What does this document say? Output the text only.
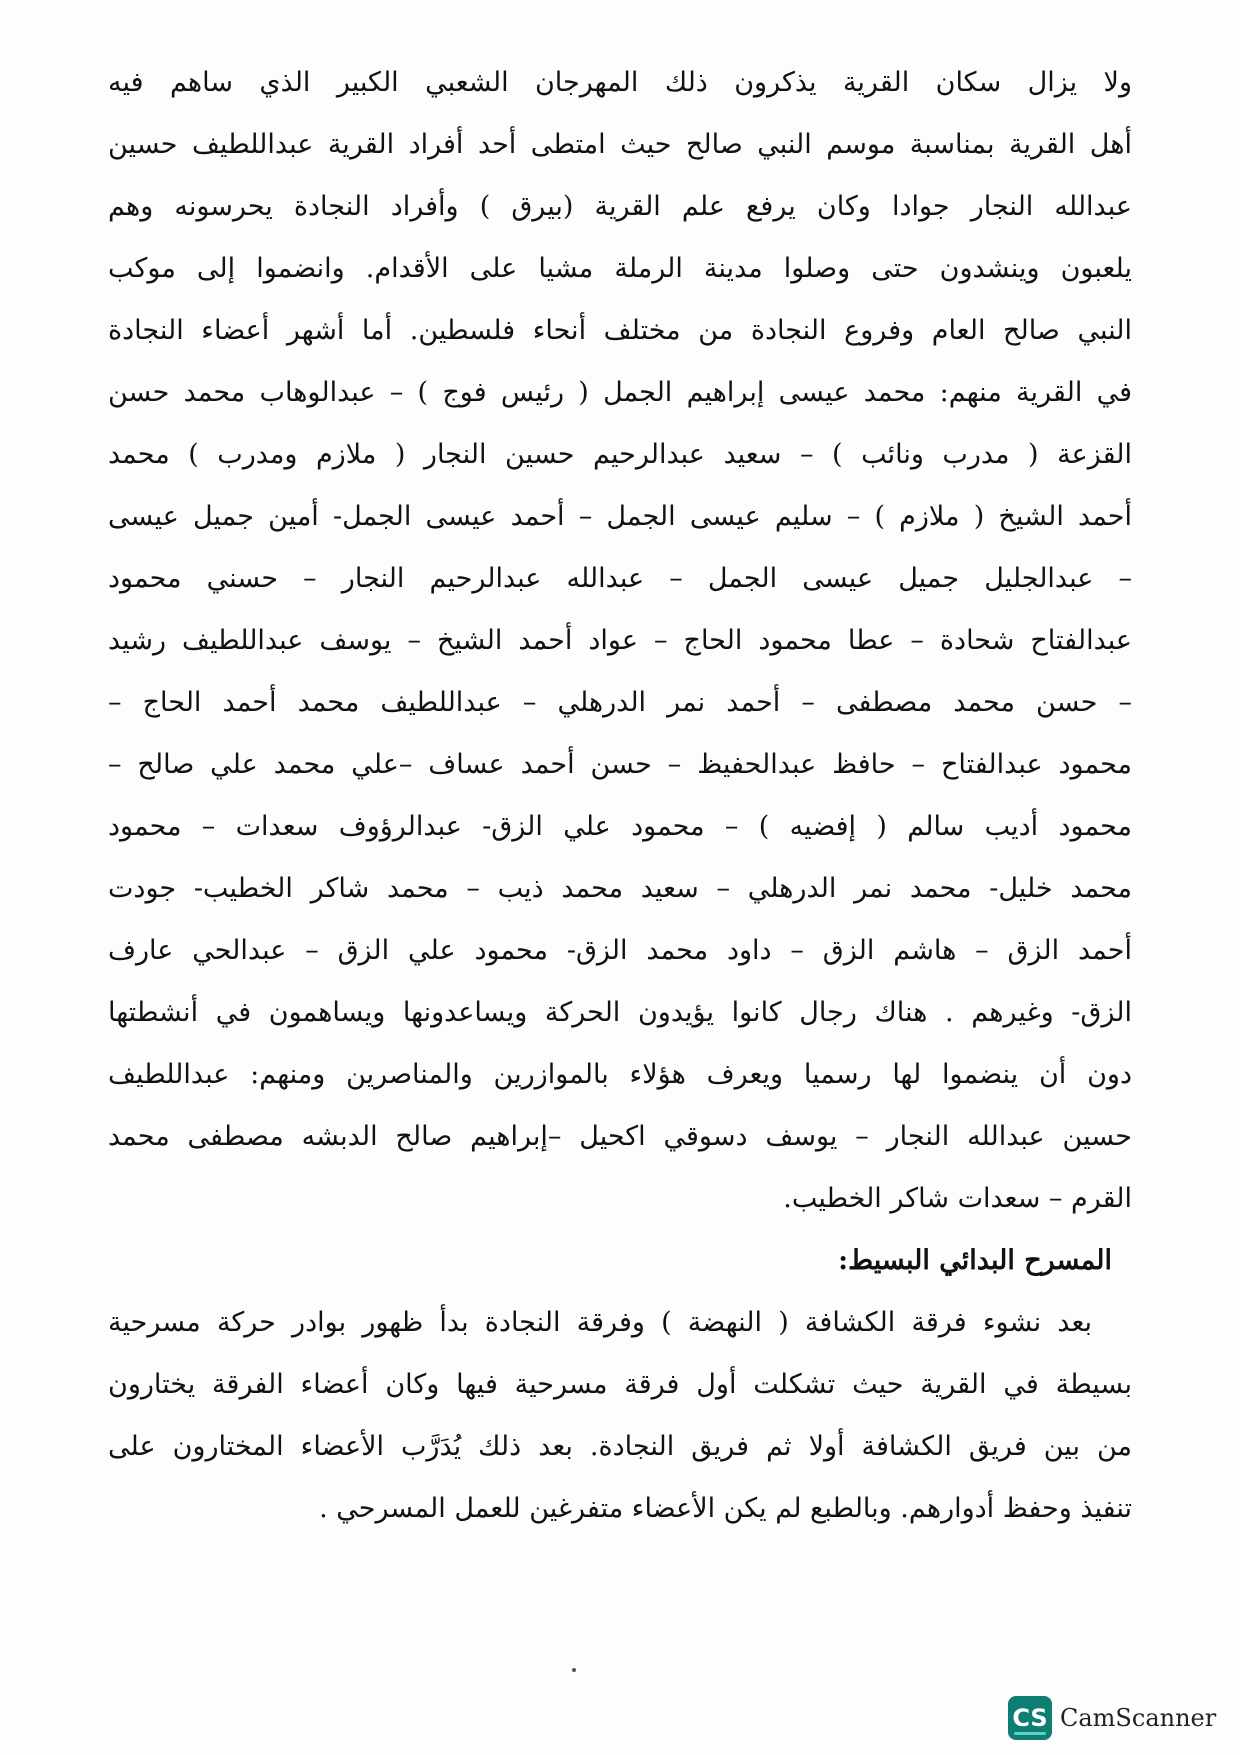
ولا يزال سكان القرية يذكرون ذلك المهرجان الشعبي الكبير الذي ساهم فيه
أهل القرية بمناسبة موسم النبي صالح حيث امتطى أحد أفراد القرية عبداللطيف حسين
عبدالله النجار جوادا وكان يرفع علم القرية (بيرق ) وأفراد النجادة يحرسونه وهم
يلعبون وينشدون حتى وصلوا مدينة الرملة مشيا على الأقدام. وانضموا إلى موكب
النبي صالح العام وفروع النجادة من مختلف أنحاء فلسطين. أما أشهر أعضاء النجادة
في القرية منهم: محمد عيسى إبراهيم الجمل ( رئيس فوج ) – عبدالوهاب محمد حسن
القزعة ( مدرب ونائب ) – سعيد عبدالرحيم حسين النجار ( ملازم ومدرب ) محمد
أحمد الشيخ ( ملازم ) – سليم عيسى الجمل – أحمد عيسى الجمل- أمين جميل عيسى
– عبدالجليل جميل عيسى الجمل – عبدالله عبدالرحيم النجار – حسني محمود
عبدالفتاح شحادة – عطا محمود الحاج – عواد أحمد الشيخ – يوسف عبداللطيف رشيد
– حسن محمد مصطفى – أحمد نمر الدرهلي – عبداللطيف محمد أحمد الحاج –
محمود عبدالفتاح – حافظ عبدالحفيظ – حسن أحمد عساف –علي محمد علي صالح –
محمود أديب سالم ( إفضيه ) – محمود علي الزق- عبدالرؤوف سعدات – محمود
محمد خليل- محمد نمر الدرهلي – سعيد محمد ذيب – محمد شاكر الخطيب- جودت
أحمد الزق – هاشم الزق – داود محمد الزق- محمود علي الزق – عبدالحي عارف
الزق- وغيرهم . هناك رجال كانوا يؤيدون الحركة ويساعدونها ويساهمون في أنشطتها
دون أن ينضموا لها رسميا ويعرف هؤلاء بالموازرين والمناصرين ومنهم: عبداللطيف
حسين عبدالله النجار – يوسف دسوقي اكحيل –إبراهيم صالح الدبشه مصطفى محمد
القرم – سعدات شاكر الخطيب.
المسرح البدائي البسيط:
بعد نشوء فرقة الكشافة ( النهضة ) وفرقة النجادة بدأ ظهور بوادر حركة مسرحية
بسيطة في القرية حيث تشكلت أول فرقة مسرحية فيها وكان أعضاء الفرقة يختارون
من بين فريق الكشافة أولا ثم فريق النجادة. بعد ذلك يُدَرَّب الأعضاء المختارون على
تنفيذ وحفظ أدوارهم. وبالطبع لم يكن الأعضاء متفرغين للعمل المسرحي .
CS CamScanner
